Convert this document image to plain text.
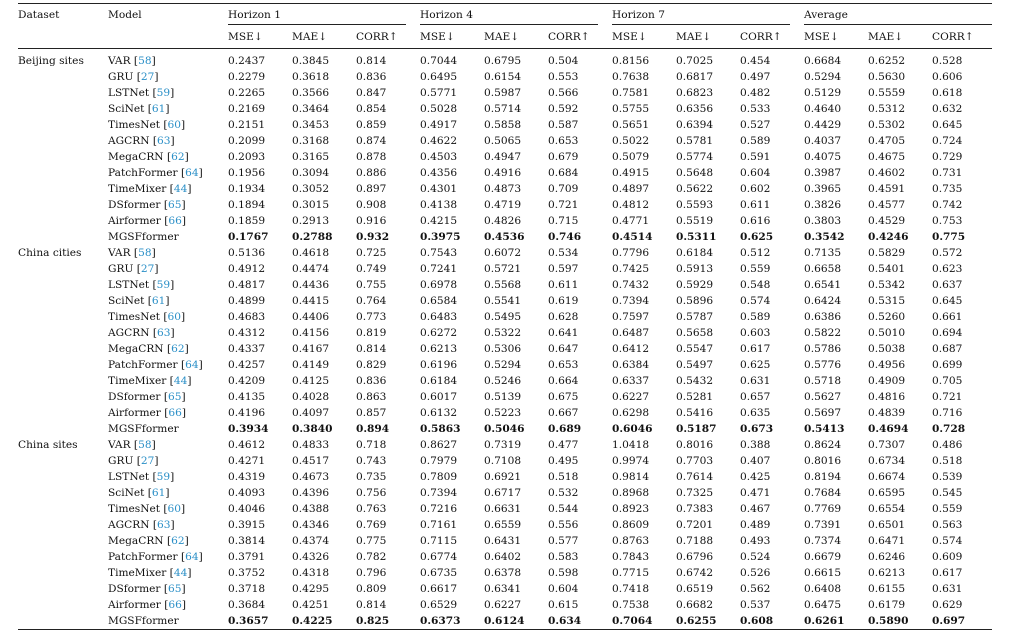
Dataset	Model	Horizon 1			Horizon 4			Horizon 7			Average		

		MSE↓	MAE↓	CORR↑	MSE↓	MAE↓	CORR↑	MSE↓	MAE↓	CORR↑	MSE↓	MAE↓	CORR↑
Beijing sites	VAR [58]	0.2437	0.3845	0.814	0.7044	0.6795	0.504	0.8156	0.7025	0.454	0.6684	0.6252	0.528
	GRU [27]	0.2279	0.3618	0.836	0.6495	0.6154	0.553	0.7638	0.6817	0.497	0.5294	0.5630	0.606
	LSTNet [59]	0.2265	0.3566	0.847	0.5771	0.5987	0.566	0.7581	0.6823	0.482	0.5129	0.5559	0.618
	SciNet [61]	0.2169	0.3464	0.854	0.5028	0.5714	0.592	0.5755	0.6356	0.533	0.4640	0.5312	0.632
	TimesNet [60]	0.2151	0.3453	0.859	0.4917	0.5858	0.587	0.5651	0.6394	0.527	0.4429	0.5302	0.645
	AGCRN [63]	0.2099	0.3168	0.874	0.4622	0.5065	0.653	0.5022	0.5781	0.589	0.4037	0.4705	0.724
	MegaCRN [62]	0.2093	0.3165	0.878	0.4503	0.4947	0.679	0.5079	0.5774	0.591	0.4075	0.4675	0.729
	PatchFormer [64]	0.1956	0.3094	0.886	0.4356	0.4916	0.684	0.4915	0.5648	0.604	0.3987	0.4602	0.731
	TimeMixer [44]	0.1934	0.3052	0.897	0.4301	0.4873	0.709	0.4897	0.5622	0.602	0.3965	0.4591	0.735
	DSformer [65]	0.1894	0.3015	0.908	0.4138	0.4719	0.721	0.4812	0.5593	0.611	0.3826	0.4577	0.742
	Airformer [66]	0.1859	0.2913	0.916	0.4215	0.4826	0.715	0.4771	0.5519	0.616	0.3803	0.4529	0.753
	MGSFformer	0.1767	0.2788	0.932	0.3975	0.4536	0.746	0.4514	0.5311	0.625	0.3542	0.4246	0.775
China cities	VAR [58]	0.5136	0.4618	0.725	0.7543	0.6072	0.534	0.7796	0.6184	0.512	0.7135	0.5829	0.572
	GRU [27]	0.4912	0.4474	0.749	0.7241	0.5721	0.597	0.7425	0.5913	0.559	0.6658	0.5401	0.623
	LSTNet [59]	0.4817	0.4436	0.755	0.6978	0.5568	0.611	0.7432	0.5929	0.548	0.6541	0.5342	0.637
	SciNet [61]	0.4899	0.4415	0.764	0.6584	0.5541	0.619	0.7394	0.5896	0.574	0.6424	0.5315	0.645
	TimesNet [60]	0.4683	0.4406	0.773	0.6483	0.5495	0.628	0.7597	0.5787	0.589	0.6386	0.5260	0.661
	AGCRN [63]	0.4312	0.4156	0.819	0.6272	0.5322	0.641	0.6487	0.5658	0.603	0.5822	0.5010	0.694
	MegaCRN [62]	0.4337	0.4167	0.814	0.6213	0.5306	0.647	0.6412	0.5547	0.617	0.5786	0.5038	0.687
	PatchFormer [64]	0.4257	0.4149	0.829	0.6196	0.5294	0.653	0.6384	0.5497	0.625	0.5776	0.4956	0.699
	TimeMixer [44]	0.4209	0.4125	0.836	0.6184	0.5246	0.664	0.6337	0.5432	0.631	0.5718	0.4909	0.705
	DSformer [65]	0.4135	0.4028	0.863	0.6017	0.5139	0.675	0.6227	0.5281	0.657	0.5627	0.4816	0.721
	Airformer [66]	0.4196	0.4097	0.857	0.6132	0.5223	0.667	0.6298	0.5416	0.635	0.5697	0.4839	0.716
	MGSFformer	0.3934	0.3840	0.894	0.5863	0.5046	0.689	0.6046	0.5187	0.673	0.5413	0.4694	0.728
China sites	VAR [58]	0.4612	0.4833	0.718	0.8627	0.7319	0.477	1.0418	0.8016	0.388	0.8624	0.7307	0.486
	GRU [27]	0.4271	0.4517	0.743	0.7979	0.7108	0.495	0.9974	0.7703	0.407	0.8016	0.6734	0.518
	LSTNet [59]	0.4319	0.4673	0.735	0.7809	0.6921	0.518	0.9814	0.7614	0.425	0.8194	0.6674	0.539
	SciNet [61]	0.4093	0.4396	0.756	0.7394	0.6717	0.532	0.8968	0.7325	0.471	0.7684	0.6595	0.545
	TimesNet [60]	0.4046	0.4388	0.763	0.7216	0.6631	0.544	0.8923	0.7383	0.467	0.7769	0.6554	0.559
	AGCRN [63]	0.3915	0.4346	0.769	0.7161	0.6559	0.556	0.8609	0.7201	0.489	0.7391	0.6501	0.563
	MegaCRN [62]	0.3814	0.4374	0.775	0.7115	0.6431	0.577	0.8763	0.7188	0.493	0.7374	0.6471	0.574
	PatchFormer [64]	0.3791	0.4326	0.782	0.6774	0.6402	0.583	0.7843	0.6796	0.524	0.6679	0.6246	0.609
	TimeMixer [44]	0.3752	0.4318	0.796	0.6735	0.6378	0.598	0.7715	0.6742	0.526	0.6615	0.6213	0.617
	DSformer [65]	0.3718	0.4295	0.809	0.6617	0.6341	0.604	0.7418	0.6519	0.562	0.6408	0.6155	0.631
	Airformer [66]	0.3684	0.4251	0.814	0.6529	0.6227	0.615	0.7538	0.6682	0.537	0.6475	0.6179	0.629
	MGSFformer	0.3657	0.4225	0.825	0.6373	0.6124	0.634	0.7064	0.6255	0.608	0.6261	0.5890	0.697
